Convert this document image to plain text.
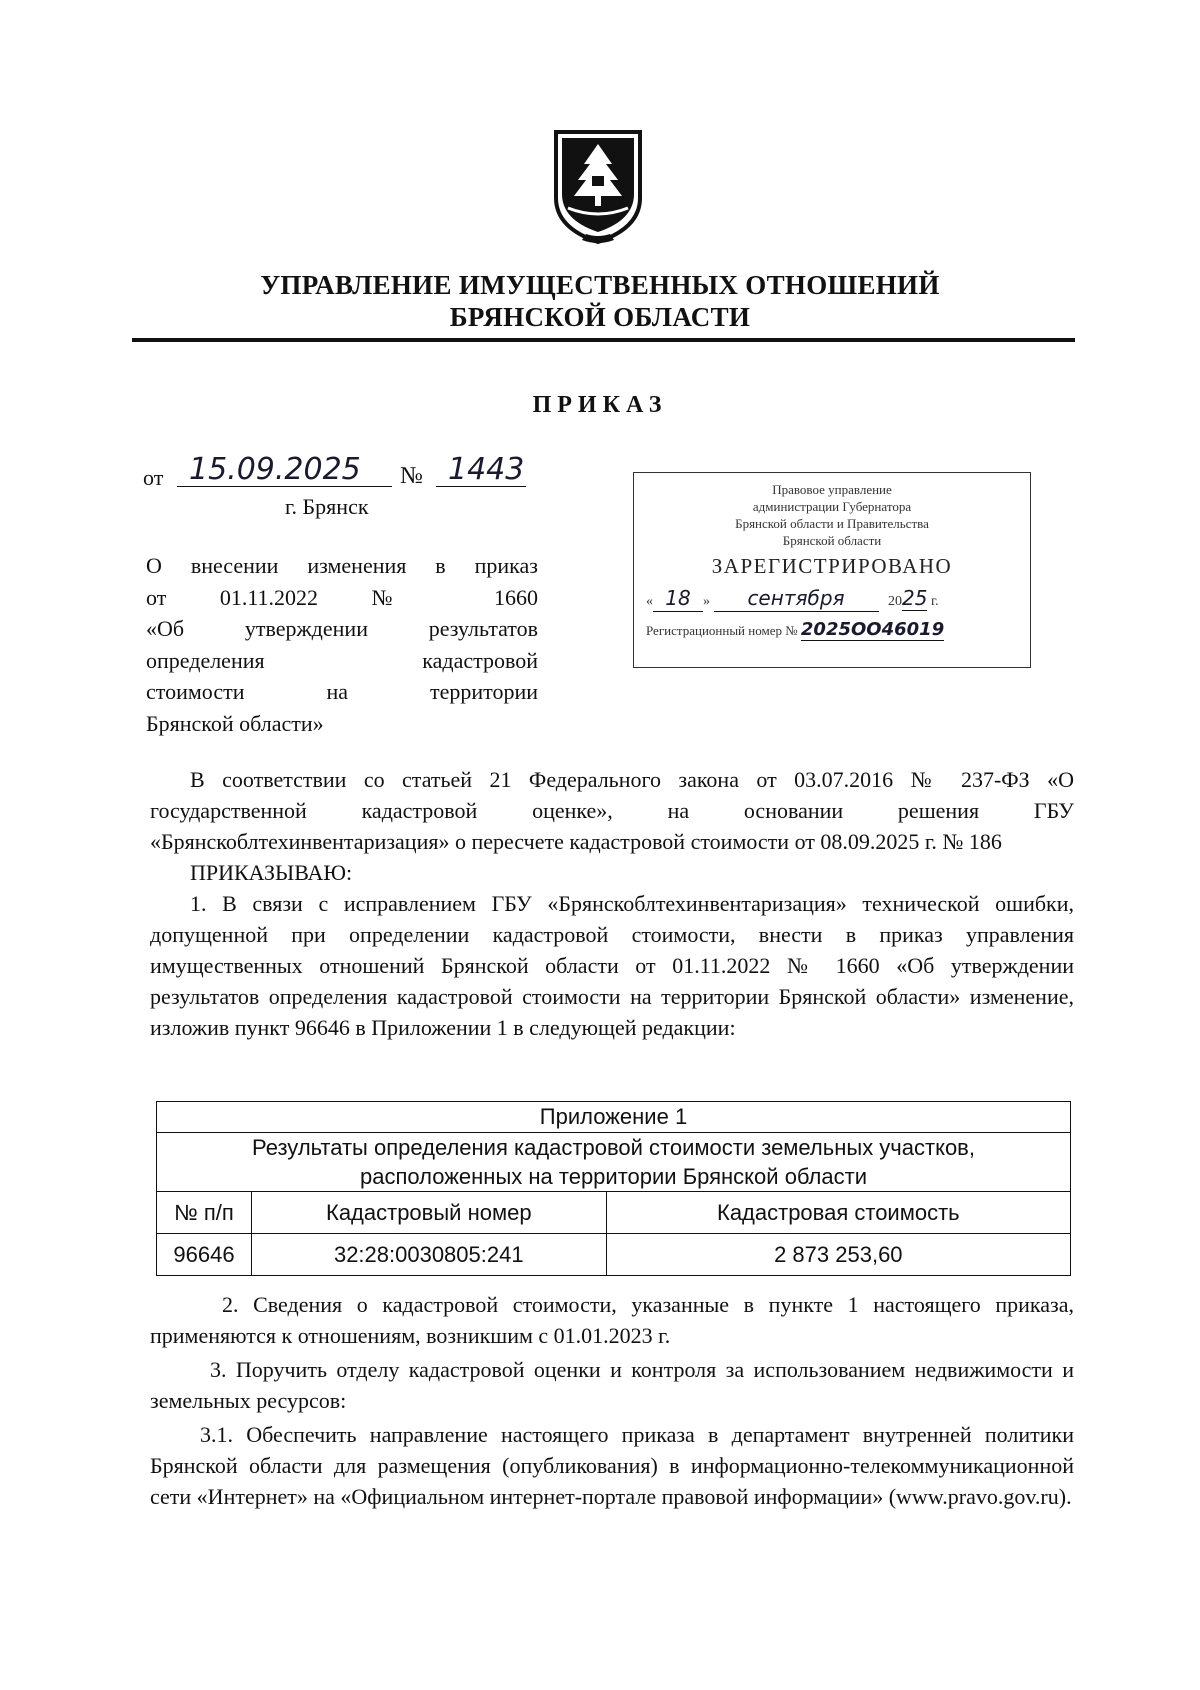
УПРАВЛЕНИЕ ИМУЩЕСТВЕННЫХ ОТНОШЕНИЙ
БРЯНСКОЙ ОБЛАСТИ
ПРИКАЗ
от 15.09.2025	№ 1443
г. Брянск
Правовое управление
администрации Губернатора
Брянской области и Правительства
Брянской области
ЗАРЕГИСТРИРОВАНО
« 18 » сентября	2025 г.
Регистрационный номер № 2025ОО46019
О внесении изменения в приказ
от 01.11.2022 № 1660
«Об утверждении результатов
определения кадастровой
стоимости на территории
Брянской области»
В соответствии со статьей 21 Федерального закона от 03.07.2016 № 237-ФЗ «О государственной кадастровой оценке», на основании решения ГБУ «Брянскоблтехинвентаризация» о пересчете кадастровой стоимости от 08.09.2025 г. № 186
ПРИКАЗЫВАЮ:
1. В связи с исправлением ГБУ «Брянскоблтехинвентаризация» технической ошибки, допущенной при определении кадастровой стоимости, внести в приказ управления имущественных отношений Брянской области от 01.11.2022 № 1660 «Об утверждении результатов определения кадастровой стоимости на территории Брянской области» изменение, изложив пункт 96646 в Приложении 1 в следующей редакции:
Приложение 1		

Результаты определения кадастровой стоимости земельных участков,
расположенных на территории Брянской области		

№ п/п	Кадастровый номер	Кадастровая стоимость
96646	32:28:0030805:241	2 873 253,60
2. Сведения о кадастровой стоимости, указанные в пункте 1 настоящего приказа, применяются к отношениям, возникшим с 01.01.2023 г.
3. Поручить отделу кадастровой оценки и контроля за использованием недвижимости и земельных ресурсов:
3.1. Обеспечить направление настоящего приказа в департамент внутренней политики Брянской области для размещения (опубликования) в информационно-телекоммуникационной сети «Интернет» на «Официальном интернет-портале правовой информации» (www.pravo.gov.ru).
